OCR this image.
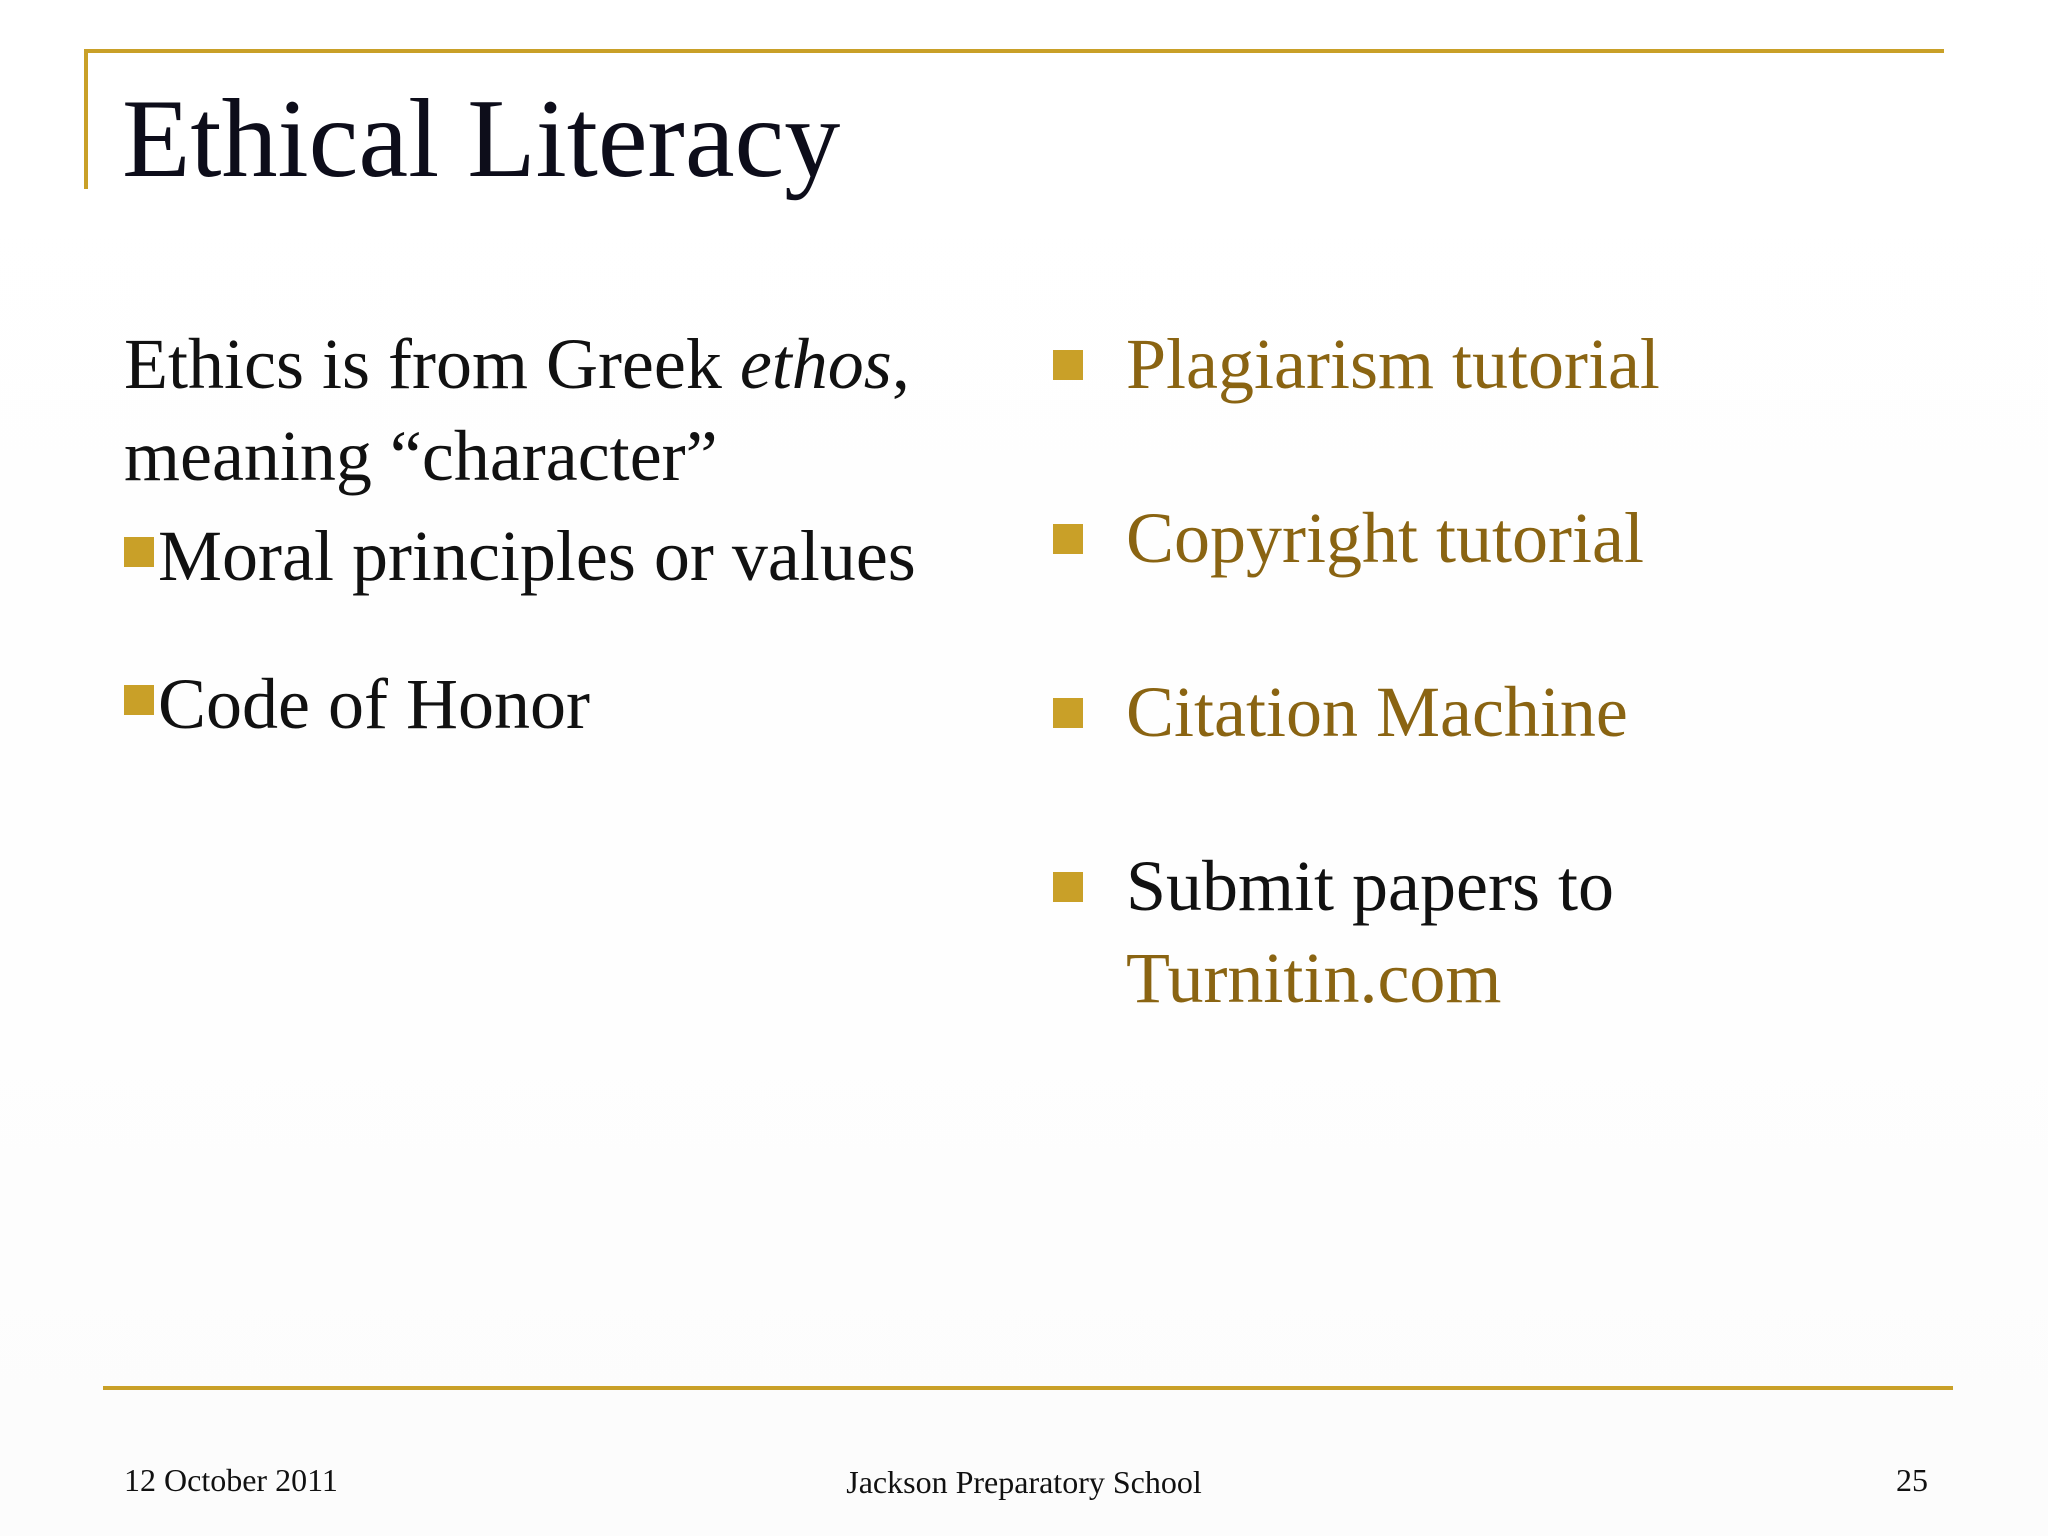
Ethical Literacy

Ethics is from Greek ethos, meaning “character”

Moral principles or values
Code of Honor
Plagiarism tutorial
Copyright tutorial
Citation Machine
Submit papers to
Turnitin.com
12 October 2011	Jackson Preparatory School	25
